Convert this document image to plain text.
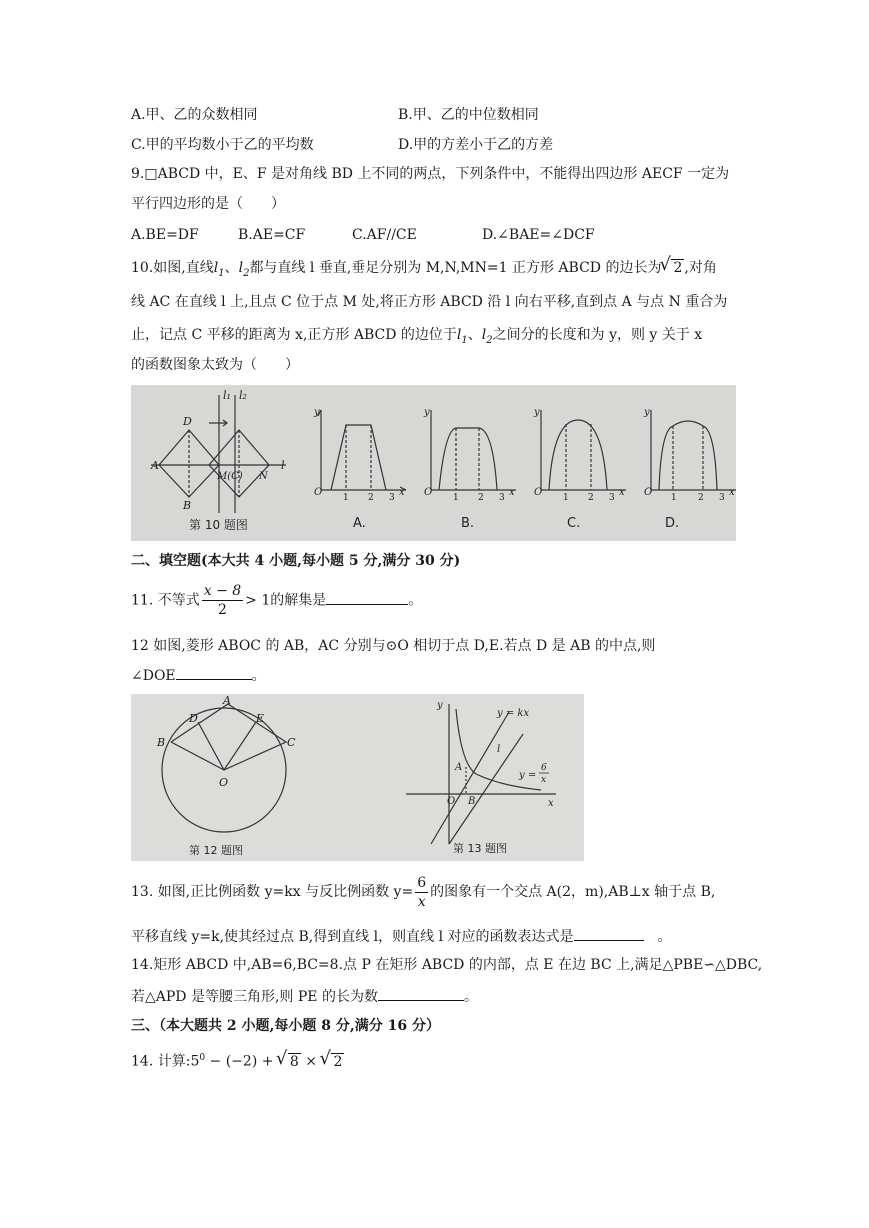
A.甲、乙的众数相同	B.甲、乙的中位数相同
C.甲的平均数小于乙的平均数	D.甲的方差小于乙的方差
9.□ABCD 中，E、F 是对角线 BD 上不同的两点，下列条件中，不能得出四边形 AECF 一定为
平行四边形的是（　　）
A.BE=DF	B.AE=CF	C.AF//CE	D.∠BAE=∠DCF
10.如图,直线$l_1$、$l_2$都与直线 l 垂直,垂足分别为 M,N,MN=1 正方形 ABCD 的边长为√ 2 ,对角
线 AC 在直线 l 上,且点 C 位于点 M 处,将正方形 ABCD 沿 l 向右平移,直到点 A 与点 N 重合为
止，记点 C 平移的距离为 x,正方形 ABCD 的边位于$l_1$、$l_2$之间分的长度和为 y，则 y 关于 x
的函数图象太致为（　　）
D
A
B
l₁ l₂
M(C) N
l
第 10 题图
y	y	y	y
O	O	O	O
x	x	x	x
1 2 3	1 2 3	1 2 3	1 2 3
A.	B.	C.	D.
二、填空题(本大共 4 小题,每小题 5 分,满分 30 分)
11. 不等式 $\frac{x - 8}{2} > 1$的解集是	。
12 如图,菱形 ABOC 的 AB，AC 分别与⊙O 相切于点 D,E.若点 D 是 AB 的中点,则
∠DOE	。
A
D	E
B	C
O
第 12 题图
y
x
O
A
B
y = kx
l
y =
6
x
第 13 题图
13. 如图,正比例函数 y=kx 与反比例函数 $y= \frac{6}{x}$ 的图象有一个交点 A(2，m),AB⊥x 轴于点 B,
平移直线 y=k,使其经过点 B,得到直线 l，则直线 l 对应的函数表达式是	。
14.矩形 ABCD 中,AB=6,BC=8.点 P 在矩形 ABCD 的内部，点 E 在边 BC 上,满足△PBE∽△DBC,
若△APD 是等腰三角形,则 PE 的长为数	。
三、（本大题共 2 小题,每小题 8 分,满分 16 分）
14. 计算$:5^0 - (-2)$ + √ 8 × √ 2
